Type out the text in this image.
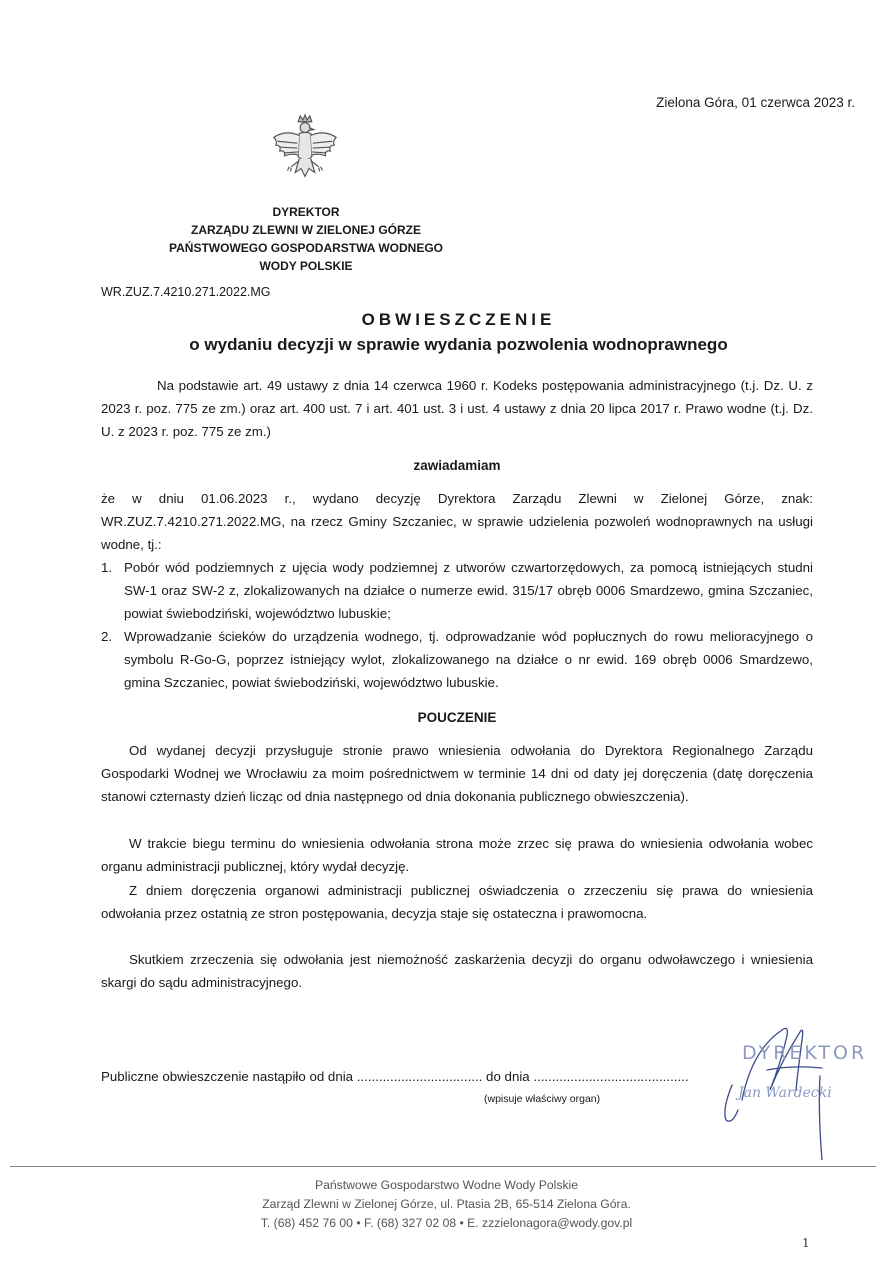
Zielona Góra, 01 czerwca 2023 r.
DYREKTOR
ZARZĄDU ZLEWNI W ZIELONEJ GÓRZE
PAŃSTWOWEGO GOSPODARSTWA WODNEGO
WODY POLSKIE
WR.ZUZ.7.4210.271.2022.MG
OBWIESZCZENIE
o wydaniu decyzji w sprawie wydania pozwolenia wodnoprawnego

Na podstawie art. 49 ustawy z dnia 14 czerwca 1960 r. Kodeks postępowania administracyjnego (t.j. Dz. U. z 2023 r. poz. 775 ze zm.) oraz art. 400 ust. 7 i art. 401 ust. 3 i ust. 4 ustawy z dnia 20 lipca 2017 r. Prawo wodne (t.j. Dz. U. z 2023 r. poz. 775 ze zm.)

zawiadamiam

że w dniu 01.06.2023 r., wydano decyzję Dyrektora Zarządu Zlewni w Zielonej Górze, znak: WR.ZUZ.7.4210.271.2022.MG, na rzecz Gminy Szczaniec, w sprawie udzielenia pozwoleń wodnoprawnych na usługi wodne, tj.:

1. Pobór wód podziemnych z ujęcia wody podziemnej z utworów czwartorzędowych, za pomocą istniejących studni SW-1 oraz SW-2 z, zlokalizowanych na działce o numerze ewid. 315/17 obręb 0006 Smardzewo, gmina Szczaniec, powiat świebodziński, województwo lubuskie;
2. Wprowadzanie ścieków do urządzenia wodnego, tj. odprowadzanie wód popłucznych do rowu melioracyjnego o symbolu R-Go-G, poprzez istniejący wylot, zlokalizowanego na działce o nr ewid. 169 obręb 0006 Smardzewo, gmina Szczaniec, powiat świebodziński, województwo lubuskie.
POUCZENIE

Od wydanej decyzji przysługuje stronie prawo wniesienia odwołania do Dyrektora Regionalnego Zarządu Gospodarki Wodnej we Wrocławiu za moim pośrednictwem w terminie 14 dni od daty jej doręczenia (datę doręczenia stanowi czternasty dzień licząc od dnia następnego od dnia dokonania publicznego obwieszczenia).

W trakcie biegu terminu do wniesienia odwołania strona może zrzec się prawa do wniesienia odwołania wobec organu administracji publicznej, który wydał decyzję.

Z dniem doręczenia organowi administracji publicznej oświadczenia o zrzeczeniu się prawa do wniesienia odwołania przez ostatnią ze stron postępowania, decyzja staje się ostateczna i prawomocna.

Skutkiem zrzeczenia się odwołania jest niemożność zaskarżenia decyzji do organu odwoławczego i wniesienia skargi do sądu administracyjnego.

Publiczne obwieszczenie nastąpiło od dnia .................................. do dnia ..........................................
(wpisuje właściwy organ)
DYREKTOR
Jan Wardecki
Państwowe Gospodarstwo Wodne Wody Polskie
Zarząd Zlewni w Zielonej Górze, ul. Ptasia 2B, 65-514 Zielona Góra.
T. (68) 452 76 00 • F. (68) 327 02 08 • E. zzzielonagora@wody.gov.pl
1
